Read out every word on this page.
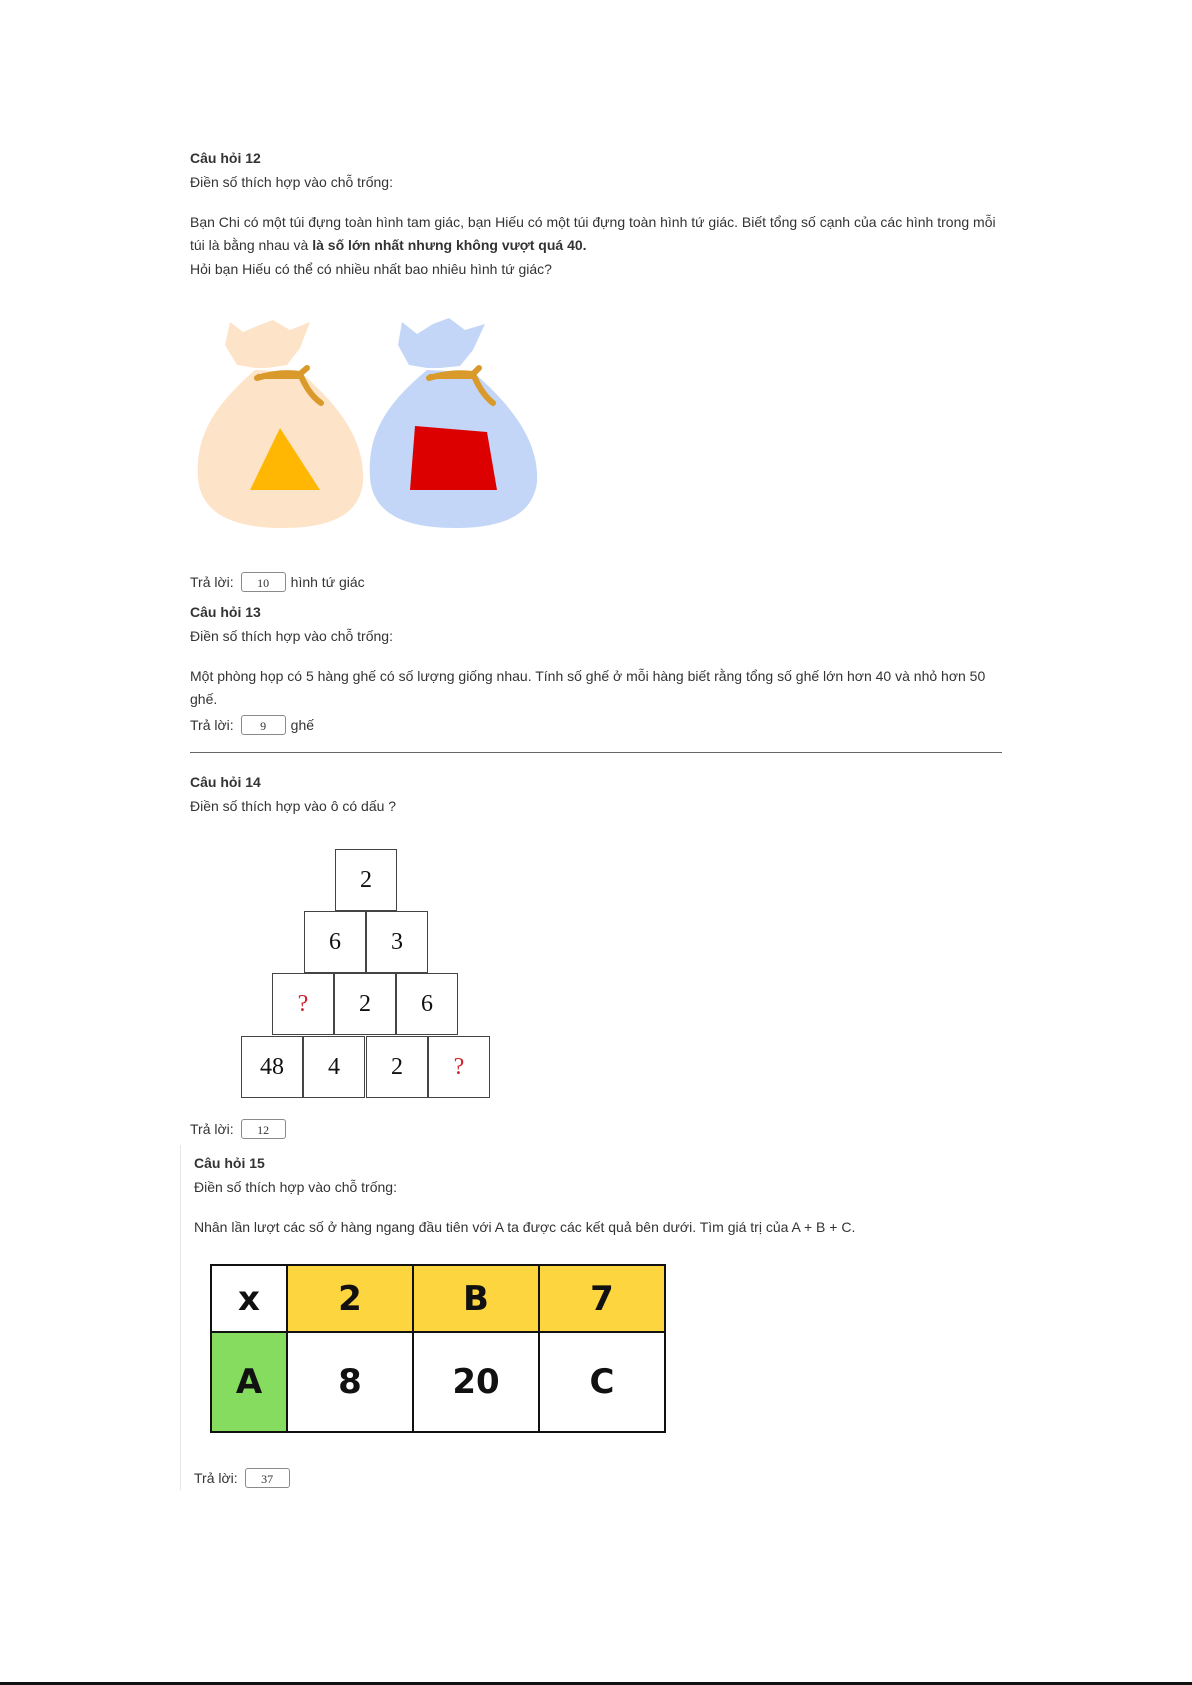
Câu hỏi 12
Điền số thích hợp vào chỗ trống:
Bạn Chi có một túi đựng toàn hình tam giác, bạn Hiếu có một túi đựng toàn hình tứ giác. Biết tổng số cạnh của các hình trong mỗi túi là bằng nhau và là số lớn nhất nhưng không vượt quá 40.
Hỏi bạn Hiếu có thể có nhiều nhất bao nhiêu hình tứ giác?
Trả lời:	10	hình tứ giác
Câu hỏi 13
Điền số thích hợp vào chỗ trống:
Một phòng họp có 5 hàng ghế có số lượng giống nhau. Tính số ghế ở mỗi hàng biết rằng tổng số ghế lớn hơn 40 và nhỏ hơn 50 ghế.
Trả lời:	9	ghế
Câu hỏi 14
Điền số thích hợp vào ô có dấu ?
2
6	3
?	2	6
48	4	2	?
Trả lời:	12
Câu hỏi 15
Điền số thích hợp vào chỗ trống:
Nhân lần lượt các số ở hàng ngang đầu tiên với A ta được các kết quả bên dưới. Tìm giá trị của A + B + C.
x	2	B	7
A	8	20	C
Trả lời:	37
